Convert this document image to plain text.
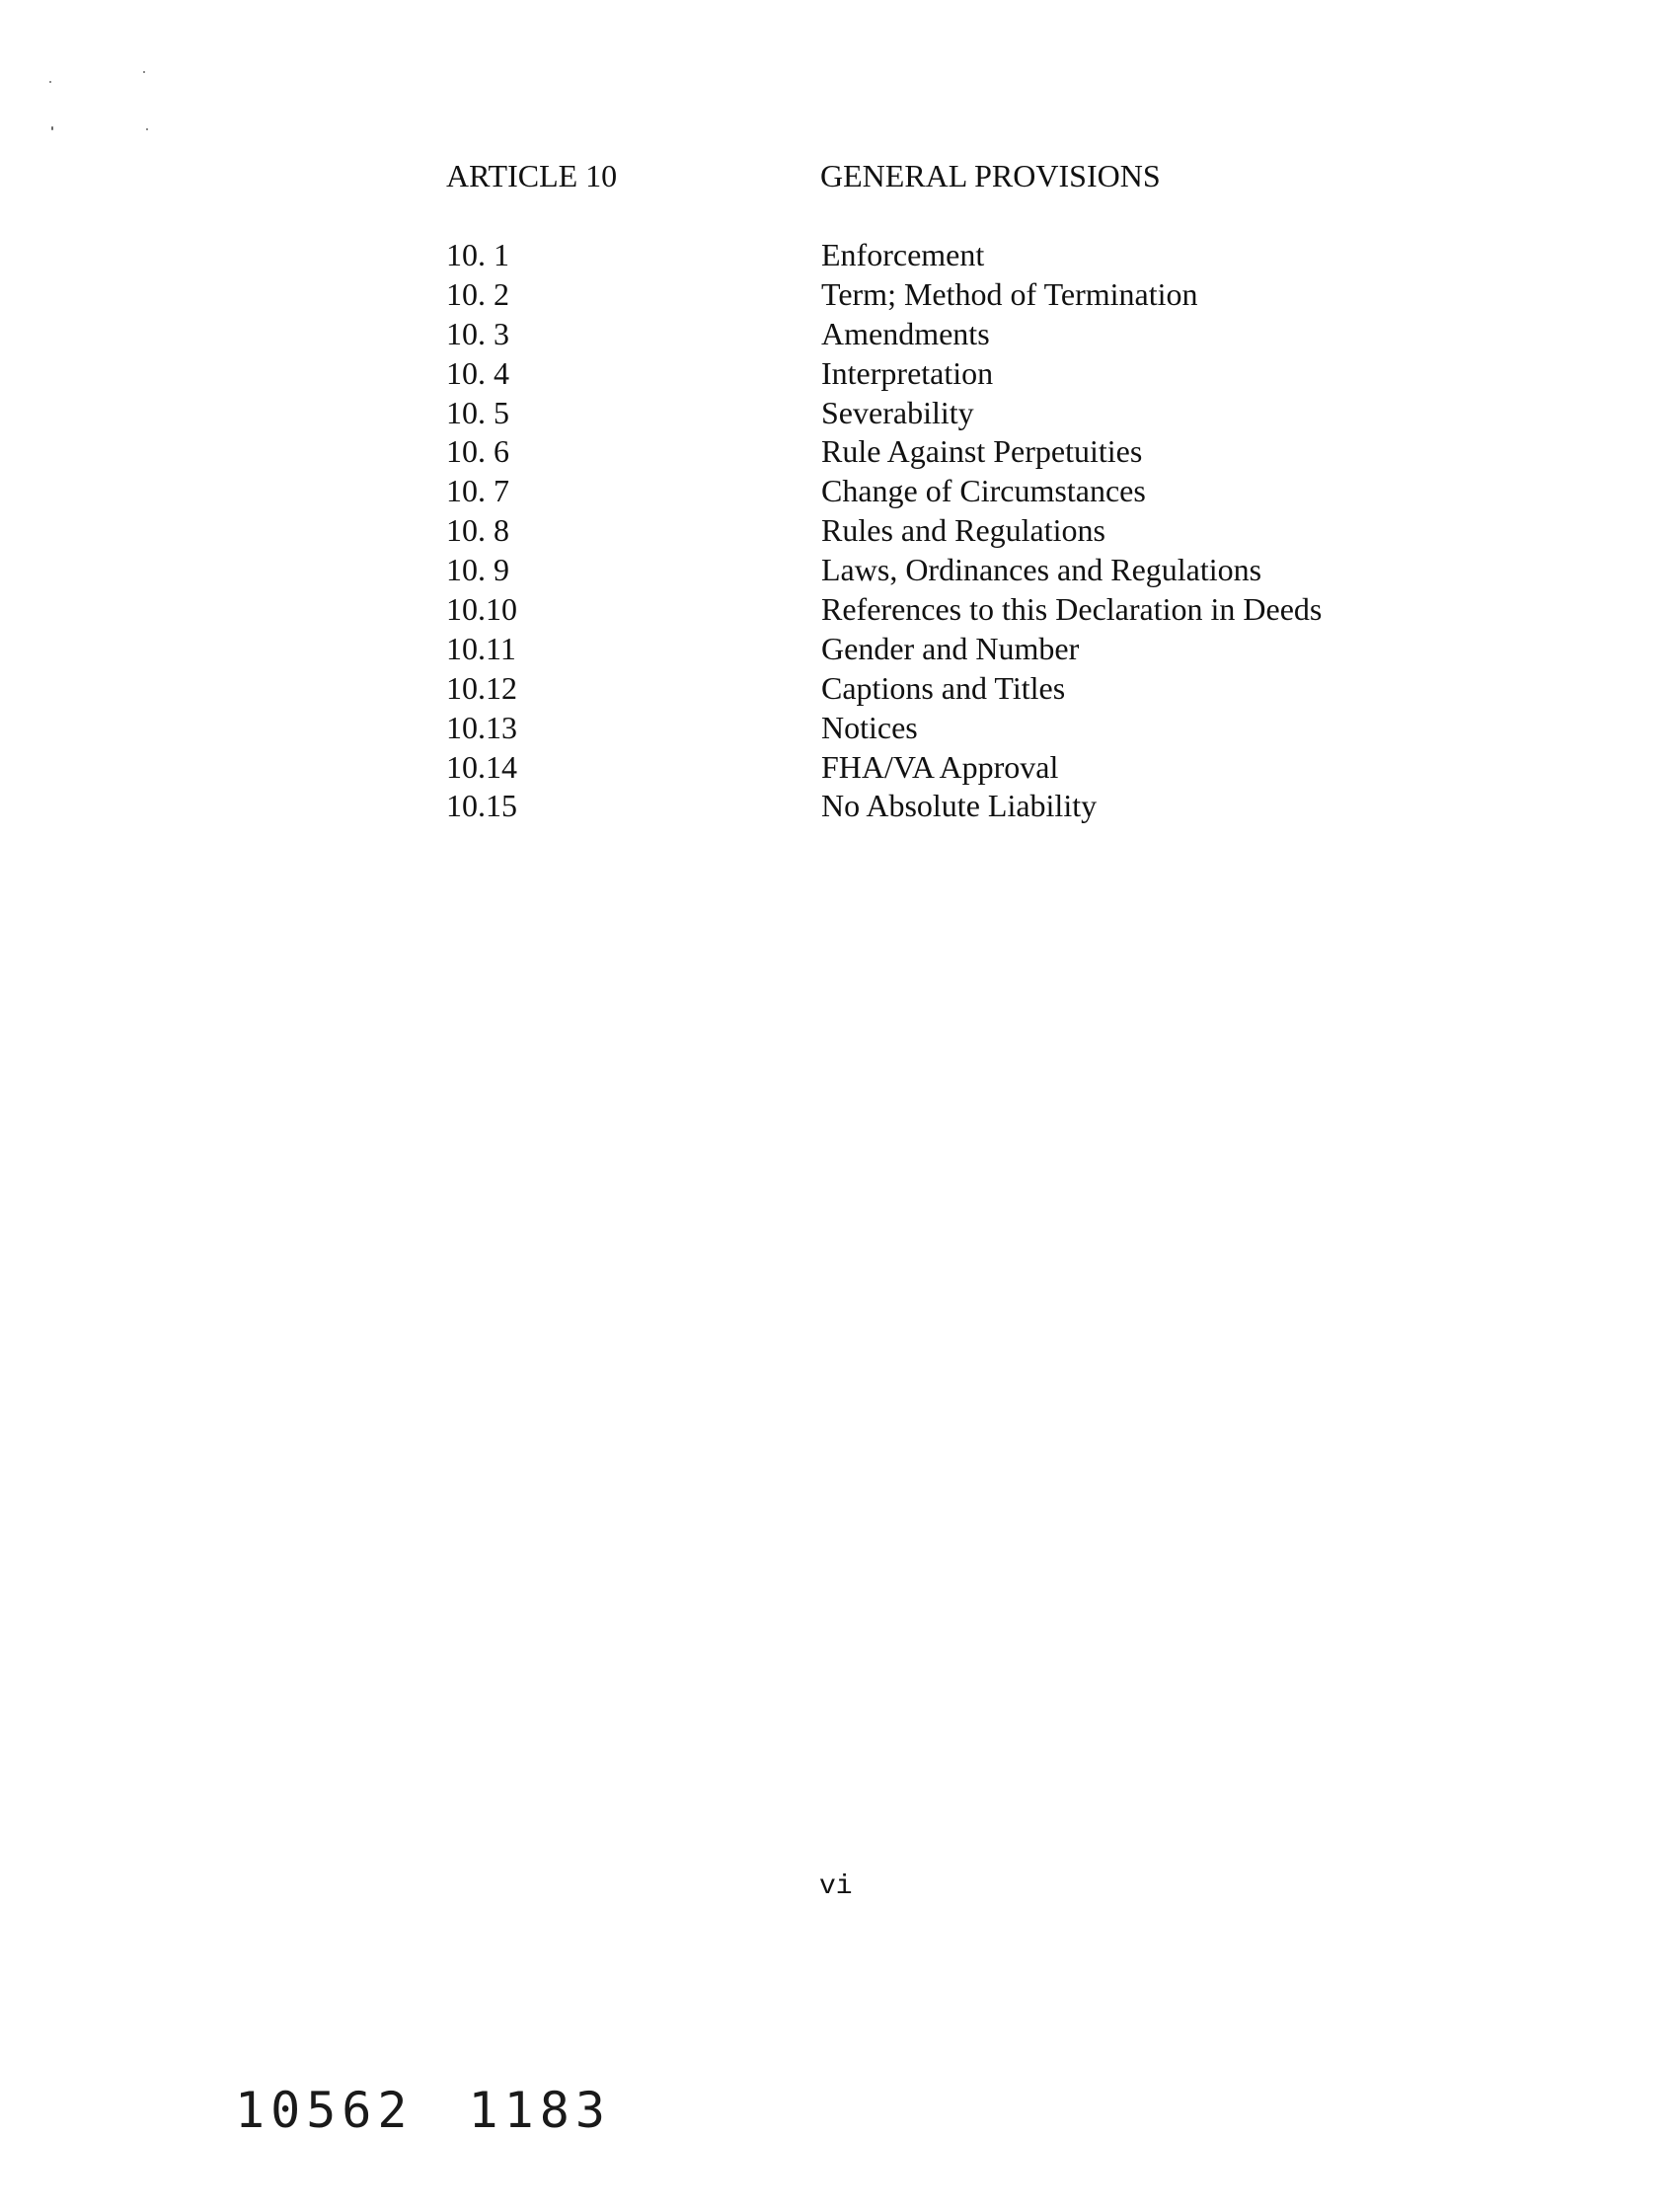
ARTICLE 10	GENERAL PROVISIONS
10. 1	Enforcement
10. 2	Term; Method of Termination
10. 3	Amendments
10. 4	Interpretation
10. 5	Severability
10. 6	Rule Against Perpetuities
10. 7	Change of Circumstances
10. 8	Rules and Regulations
10. 9	Laws, Ordinances and Regulations
10.10	References to this Declaration in Deeds
10.11	Gender and Number
10.12	Captions and Titles
10.13	Notices
10.14	FHA/VA Approval
10.15	No Absolute Liability
vi
10562 1183
